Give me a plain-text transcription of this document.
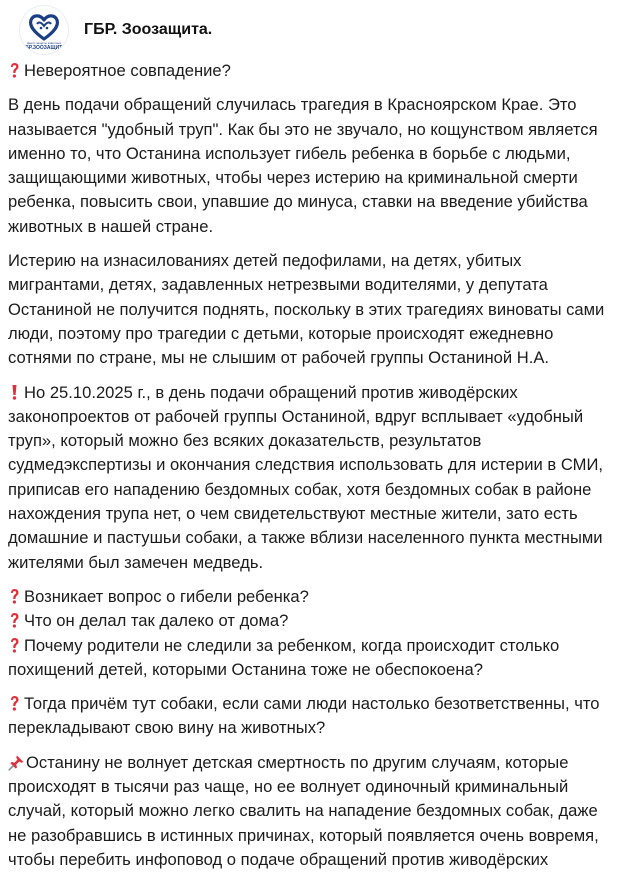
Центр защиты животных
ГБР.ЗООЗАЩИТА
ГБР. Зоозащита.

Невероятное совпадение?

В день подачи обращений случилась трагедия в Красноярском Крае. Это называется "удобный труп". Как бы это не звучало, но кощунством является именно то, что Останина использует гибель ребенка в борьбе с людьми, защищающими животных, чтобы через истерию на криминальной смерти ребенка, повысить свои, упавшие до минуса, ставки на введение убийства животных в нашей стране.

Истерию на изнасилованиях детей педофилами, на детях, убитых мигрантами, детях, задавленных нетрезвыми водителями, у депутата Останиной не получится поднять, поскольку в этих трагедиях виноваты сами люди, поэтому про трагедии с детьми, которые происходят ежедневно сотнями по стране, мы не слышим от рабочей группы Останиной Н.А.

Но 25.10.2025 г., в день подачи обращений против живодёрских законопроектов от рабочей группы Останиной, вдруг всплывает «удобный труп», который можно без всяких доказательств, результатов судмедэкспертизы и окончания следствия использовать для истерии в СМИ, приписав его нападению бездомных собак, хотя бездомных собак в районе нахождения трупа нет, о чем свидетельствуют местные жители, зато есть домашние и пастушьи собаки, а также вблизи населенного пункта местными жителями был замечен медведь.

Возникает вопрос о гибели ребенка?
Что он делал так далеко от дома?
Почему родители не следили за ребенком, когда происходит столько похищений детей, которыми Останина тоже не обеспокоена?

Тогда причём тут собаки, если сами люди настолько безответственны, что перекладывают свою вину на животных?

Останину не волнует детская смертность по другим случаям, которые происходят в тысячи раз чаще, но ее волнует одиночный криминальный случай, который можно легко свалить на нападение бездомных собак, даже не разобравшись в истинных причинах, который появляется очень вовремя, чтобы перебить инфоповод о подаче обращений против живодёрских
